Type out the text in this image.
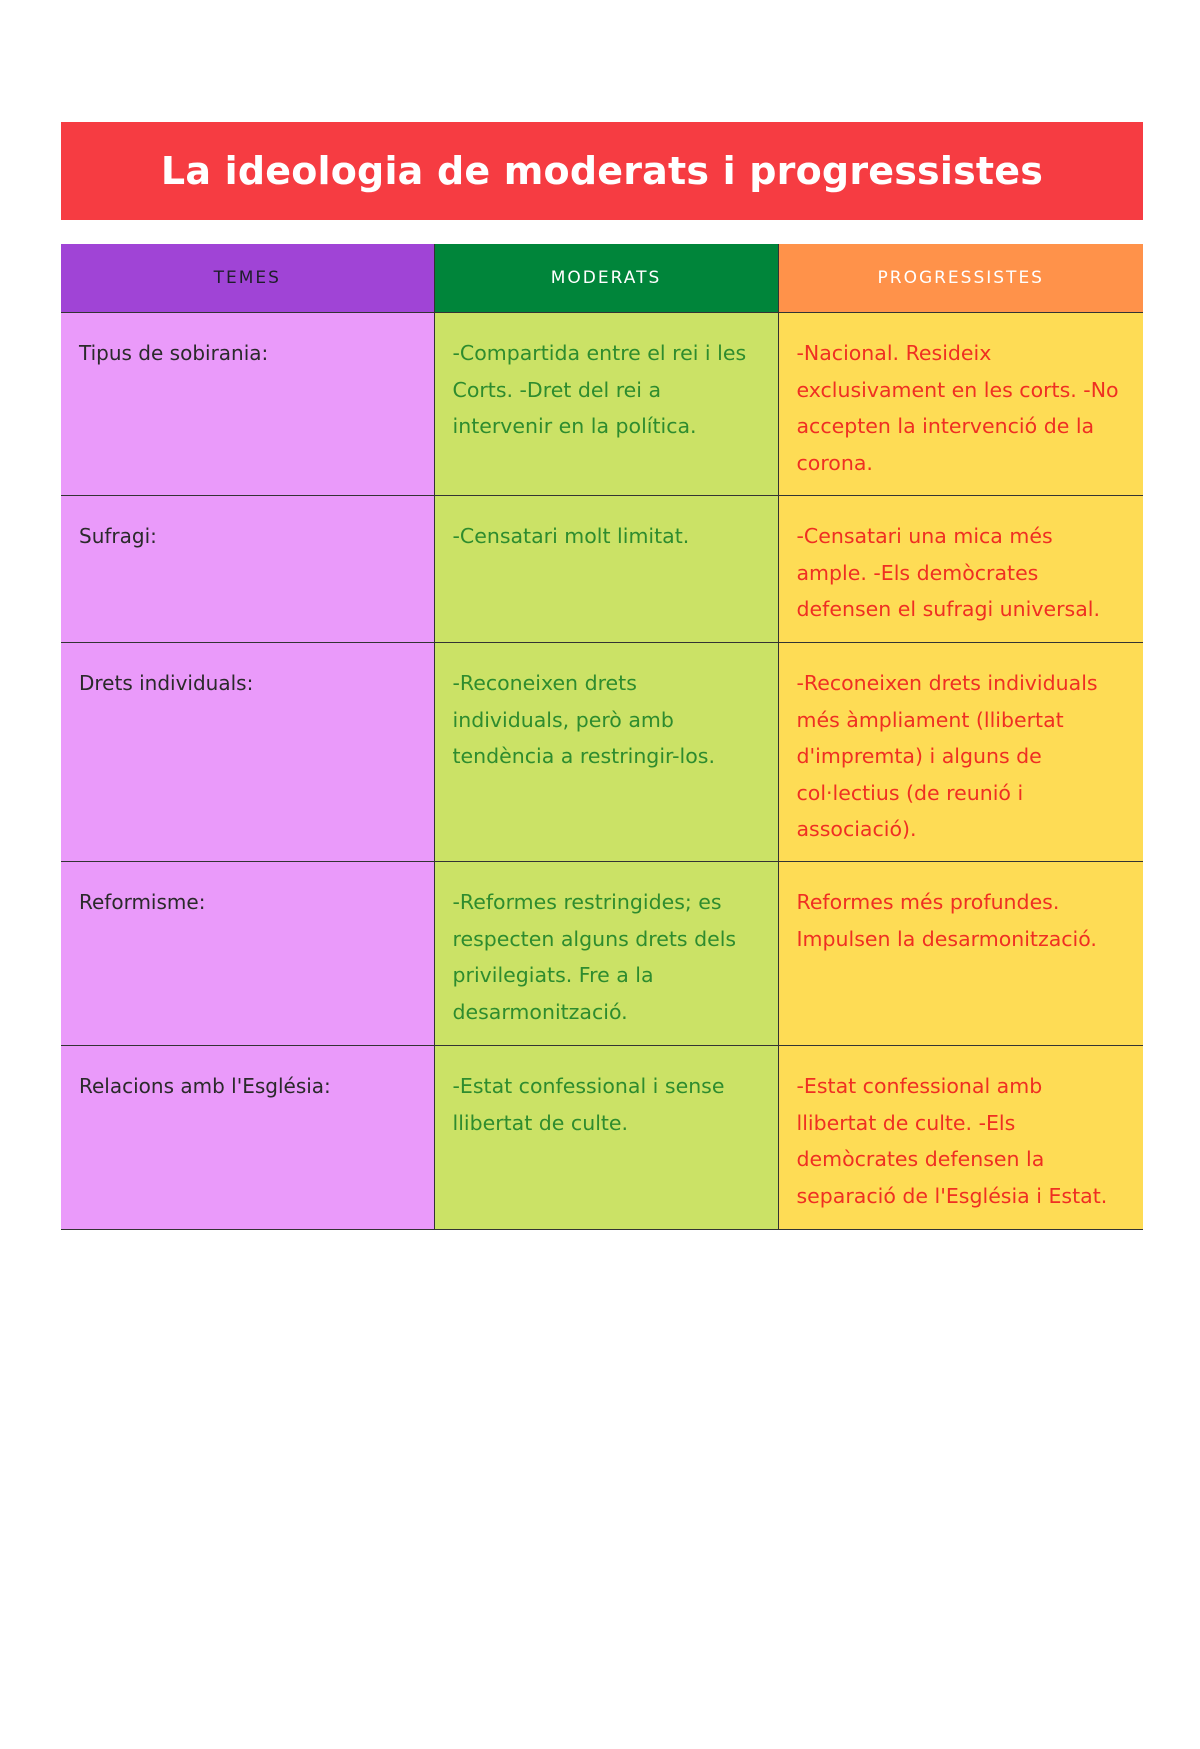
La ideologia de moderats i progressistes
TEMES	MODERATS	PROGRESSISTES

Tipus de sobirania:	-Compartida entre el rei i les Corts. -Dret del rei a intervenir en la política.	-Nacional. Resideix exclusivament en les corts. -No accepten la intervenció de la corona.

Sufragi:	-Censatari molt limitat.	-Censatari una mica més ample. -Els demòcrates defensen el sufragi universal.

Drets individuals:	-Reconeixen drets individuals, però amb tendència a restringir-los.	-Reconeixen drets individuals més àmpliament (llibertat d'impremta) i alguns de col·lectius (de reunió i associació).

Reformisme:	-Reformes restringides; es respecten alguns drets dels privilegiats. Fre a la desarmonització.	Reformes més profundes. Impulsen la desarmonització.

Relacions amb l'Església:	-Estat confessional i sense llibertat de culte.	-Estat confessional amb llibertat de culte. -Els demòcrates defensen la separació de l'Església i Estat.
